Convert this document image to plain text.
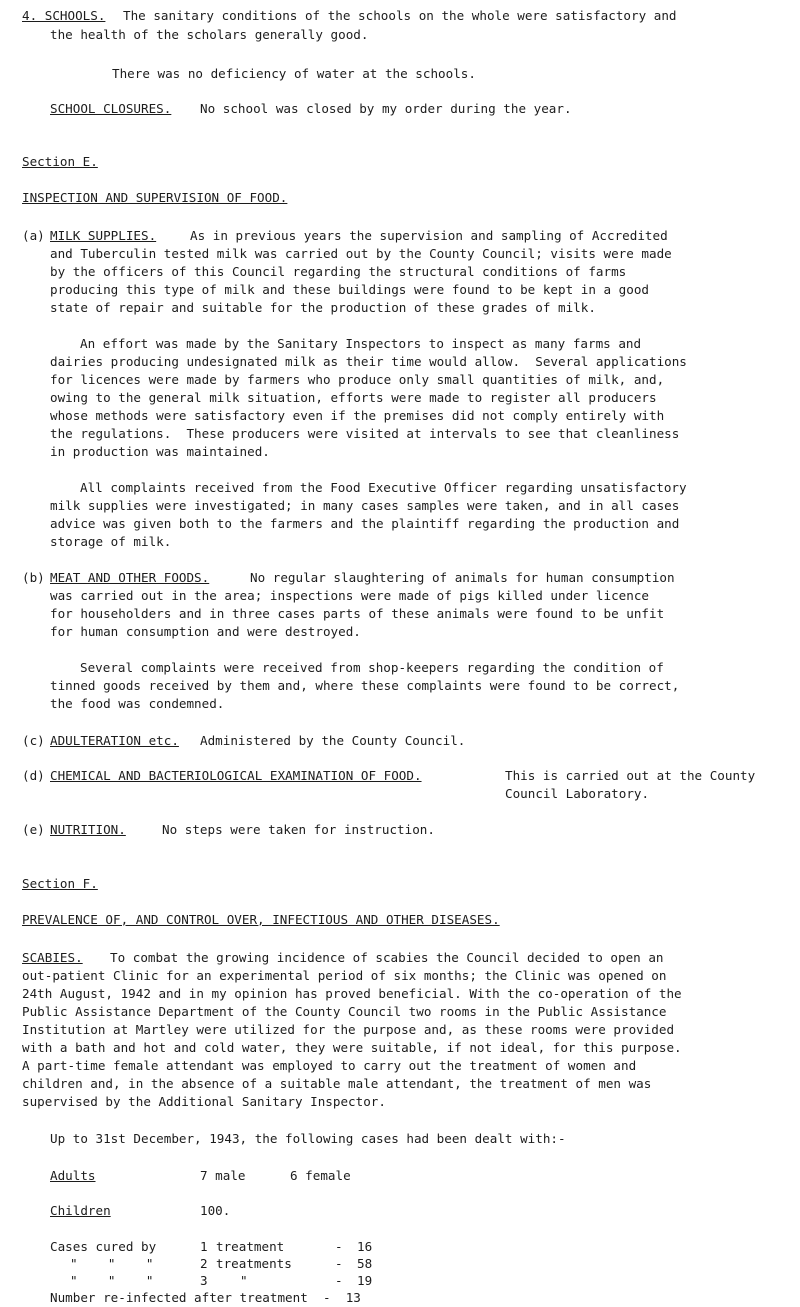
4. SCHOOLS. The sanitary conditions of the schools on the whole were satisfactory and
the health of the scholars generally good.
There was no deficiency of water at the schools.
SCHOOL CLOSURES. No school was closed by my order during the year.
Section E.
INSPECTION AND SUPERVISION OF FOOD.
(a) MILK SUPPLIES.	As in previous years the supervision and sampling of Accredited
and Tuberculin tested milk was carried out by the County Council; visits were made
by the officers of this Council regarding the structural conditions of farms
producing this type of milk and these buildings were found to be kept in a good
state of repair and suitable for the production of these grades of milk.
An effort was made by the Sanitary Inspectors to inspect as many farms and
dairies producing undesignated milk as their time would allow.  Several applications
for licences were made by farmers who produce only small quantities of milk, and,
owing to the general milk situation, efforts were made to register all producers
whose methods were satisfactory even if the premises did not comply entirely with
the regulations.  These producers were visited at intervals to see that cleanliness
in production was maintained.
All complaints received from the Food Executive Officer regarding unsatisfactory
milk supplies were investigated; in many cases samples were taken, and in all cases
advice was given both to the farmers and the plaintiff regarding the production and
storage of milk.
(b) MEAT AND OTHER FOODS.	No regular slaughtering of animals for human consumption
was carried out in the area; inspections were made of pigs killed under licence
for householders and in three cases parts of these animals were found to be unfit
for human consumption and were destroyed.
Several complaints were received from shop-keepers regarding the condition of
tinned goods received by them and, where these complaints were found to be correct,
the food was condemned.
(c) ADULTERATION etc. Administered by the County Council.
(d) CHEMICAL AND BACTERIOLOGICAL EXAMINATION OF FOOD.	This is carried out at the County
Council Laboratory.
(e) NUTRITION.	No steps were taken for instruction.
Section F.
PREVALENCE OF, AND CONTROL OVER, INFECTIOUS AND OTHER DISEASES.
SCABIES. To combat the growing incidence of scabies the Council decided to open an
out-patient Clinic for an experimental period of six months; the Clinic was opened on
24th August, 1942 and in my opinion has proved beneficial. With the co-operation of the
Public Assistance Department of the County Council two rooms in the Public Assistance
Institution at Martley were utilized for the purpose and, as these rooms were provided
with a bath and hot and cold water, they were suitable, if not ideal, for this purpose.
A part-time female attendant was employed to carry out the treatment of women and
children and, in the absence of a suitable male attendant, the treatment of men was
supervised by the Additional Sanitary Inspector.
Up to 31st December, 1943, the following cases had been dealt with:-
Adults	7 male	6 female
Children	100.
Cases cured by	1 treatment	- 16
"    "    "	2 treatments	- 58
"    "    "	3	"	- 19
Number re-infected after treatment  -  13
